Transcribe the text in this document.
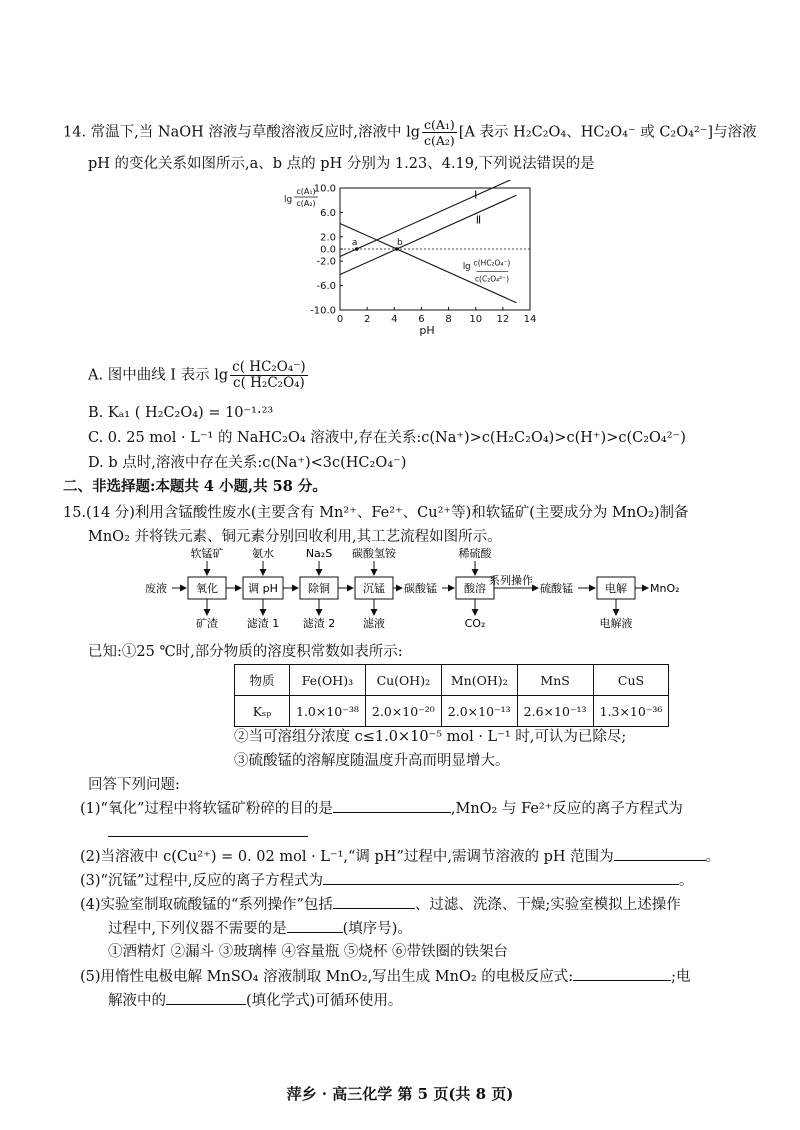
14. 常温下,当 NaOH 溶液与草酸溶液反应时,溶液中 $\lg \frac{\text{c(A₁)}}{\text{c(A₂)}} [A$ 表示 H₂C₂O₄、HC₂O₄⁻ 或 C₂O₄²⁻]与溶液
pH 的变化关系如图所示,a、b 点的 pH 分别为 1.23、4.19,下列说法错误的是
0 2 4 6 8 10 12 14
10.0
6.0
2.0
0.0
-2.0
-6.0
-10.0
pH
lg
c(A₁)
c(A₂)
Ⅰ
Ⅱ
lg c(HC₂O₄⁻)
c(C₂O₄²⁻)
a	b
A. 图中曲线 Ⅰ 表示 $\lg \frac{\text{c( HC₂O₄⁻)}}{\text{c( H₂C₂O₄)}}$
B. Kₐ₁ ( H₂C₂O₄) = 10⁻¹·²³
C. 0. 25 mol · L⁻¹ 的 NaHC₂O₄ 溶液中,存在关系:c(Na⁺)>c(H₂C₂O₄)>c(H⁺)>c(C₂O₄²⁻)
D. b 点时,溶液中存在关系:c(Na⁺)<3c(HC₂O₄⁻)
二、非选择题:本题共 4 小题,共 58 分。
15.(14 分)利用含锰酸性废水(主要含有 Mn²⁺、Fe²⁺、Cu²⁺等)和软锰矿(主要成分为 MnO₂)制备
MnO₂ 并将铁元素、铜元素分别回收利用,其工艺流程如图所示。
废液	氧化	调 pH	除铜	沉锰 碳酸锰 酸溶
系列操作
硫酸锰	电解 MnO₂
软锰矿	氨水	Na₂S 碳酸氢铵	稀硫酸
矿渣	滤渣 1 滤渣 2	滤液	CO₂	电解液
已知:①25 ℃时,部分物质的溶度积常数如表所示:
物质	Fe(OH)₃	Cu(OH)₂	Mn(OH)₂	MnS	CuS
Kₛₚ	1.0×10⁻³⁸	2.0×10⁻²⁰	2.0×10⁻¹³	2.6×10⁻¹³	1.3×10⁻³⁶
②当可溶组分浓度 c≤1.0×10⁻⁵ mol · L⁻¹ 时,可认为已除尽;
③硫酸锰的溶解度随温度升高而明显增大。
回答下列问题:
(1)“氧化”过程中将软锰矿粉碎的目的是	,MnO₂ 与 Fe²⁺反应的离子方程式为
(2)当溶液中 c(Cu²⁺) = 0. 02 mol · L⁻¹,“调 pH”过程中,需调节溶液的 pH 范围为	。
(3)“沉锰”过程中,反应的离子方程式为	。
(4)实验室制取硫酸锰的“系列操作”包括	、过滤、洗涤、干燥;实验室模拟上述操作
过程中,下列仪器不需要的是	(填序号)。
①酒精灯 ②漏斗 ③玻璃棒 ④容量瓶 ⑤烧杯 ⑥带铁圈的铁架台
(5)用惰性电极电解 MnSO₄ 溶液制取 MnO₂,写出生成 MnO₂ 的电极反应式:	;电
解液中的	(填化学式)可循环使用。
萍乡 · 高三化学 第 5 页(共 8 页)
